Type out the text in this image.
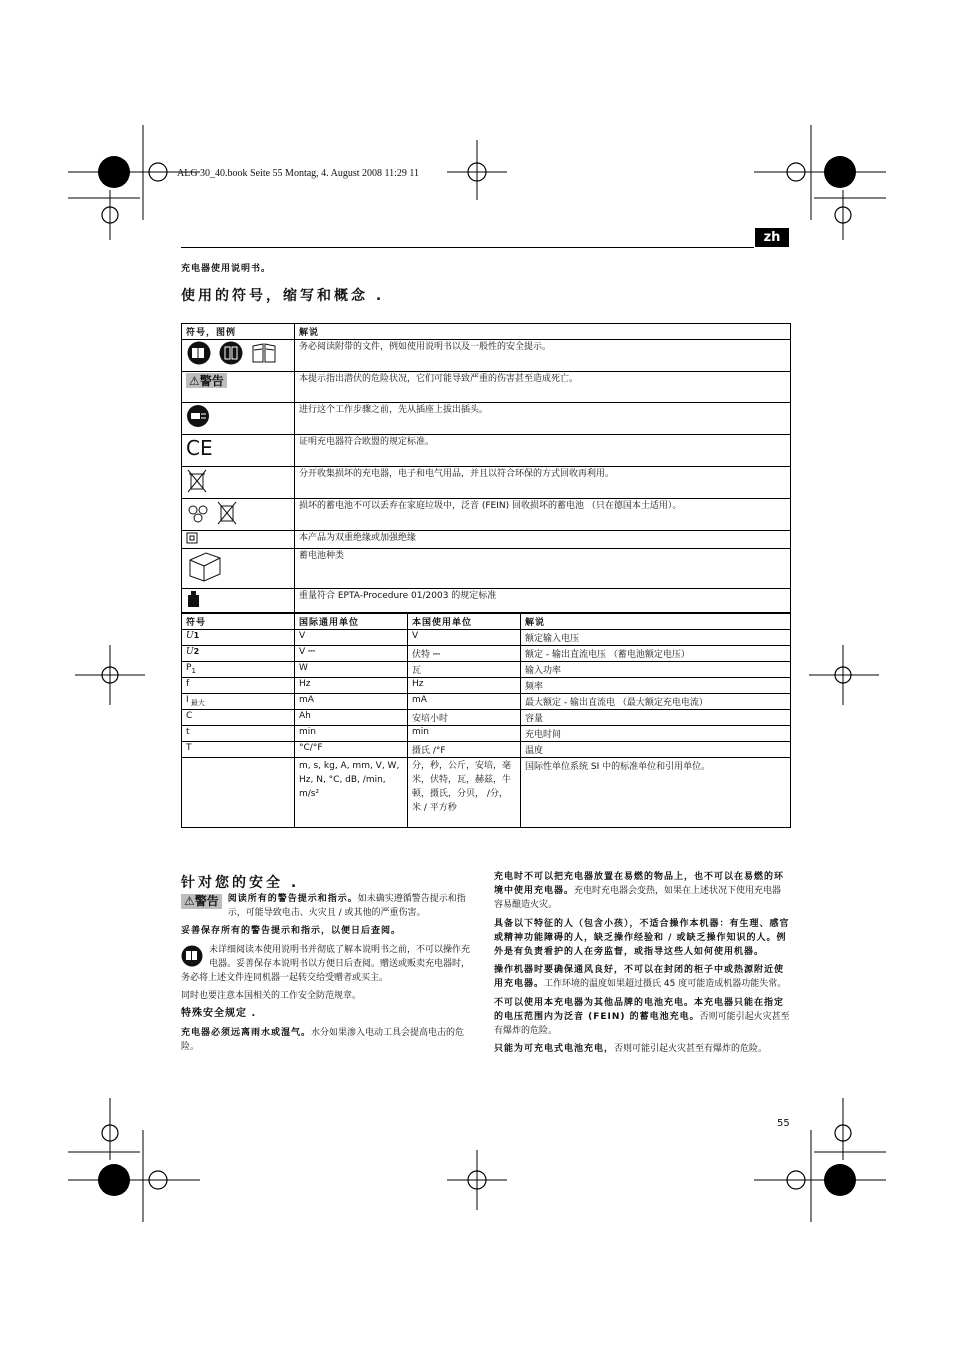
ALG 30_40.book Seite 55 Montag, 4. August 2008 11:29 11
zh
充电器使用说明书。
使用的符号，缩写和概念 .
符号，图例	解说

	务必阅读附带的文件，例如使用说明书以及一般性的安全提示。

⚠ 警告	本提示指出潜伏的危险状况，它们可能导致严重的伤害甚至造成死亡。
	进行这个工作步骤之前，先从插座上拔出插头。
CE	证明充电器符合欧盟的规定标准。
	分开收集损坏的充电器，电子和电气用品，并且以符合环保的方式回收再利用。

	损坏的蓄电池不可以丢弃在家庭垃圾中，泛音 (FEIN) 回收损坏的蓄电池 （只在德国本土适用）。
	本产品为双重绝缘或加强绝缘
	蓄电池种类
	重量符合 EPTA-Procedure 01/2003 的规定标准
符号	国际通用单位	本国使用单位	解说
U1	V	V	额定输入电压
U2	V ⎓	伏特 ⎓	额定 - 输出直流电压 （蓄电池额定电压）
$P_1$	W	瓦	输入功率
f	Hz	Hz	频率
I $_{最大}$	mA	mA	最大额定 - 输出直流电 （最大额定充电电流）
C	Ah	安培小时	容量
t	min	min	充电时间
T	°C/°F	摄氏 /°F	温度
	m, s, kg, A, mm, V, W, Hz, N, °C, dB, /min, m/s²	分，秒，公斤，安培，毫米，伏特，瓦，赫兹，牛顿，摄氏，分贝， /分，米 / 平方秒	国际性单位系统 SI 中的标准单位和引用单位。
针对您的安全 .

⚠ 警告 阅读所有的警告提示和指示。如未确实遵循警告提示和指示，可能导致电击、火灾且 / 或其他的严重伤害。

妥善保存所有的警告提示和指示，以便日后查阅。

未详细阅读本使用说明书并彻底了解本说明书之前，不可以操作充电器。妥善保存本说明书以方便日后查阅。赠送或贩卖充电器时，务必将上述文件连同机器一起转交给受赠者或买主。

同时也要注意本国相关的工作安全防范规章。

特殊安全规定 .

充电器必须远离雨水或湿气。水分如果渗入电动工具会提高电击的危险。

充电时不可以把充电器放置在易燃的物品上，也不可以在易燃的环境中使用充电器。充电时充电器会变热，如果在上述状况下使用充电器容易酿造火灾。

具备以下特征的人（包含小孩），不适合操作本机器：有生理、感官或精神功能障碍的人，缺乏操作经验和 / 或缺乏操作知识的人。例外是有负责看护的人在旁监督，或指导这些人如何使用机器。

操作机器时要确保通风良好，不可以在封闭的柜子中或热源附近使用充电器。工作环境的温度如果超过摄氏 45 度可能造成机器功能失常。

不可以使用本充电器为其他品牌的电池充电。本充电器只能在指定的电压范围内为泛音 (FEIN) 的蓄电池充电。否则可能引起火灾甚至有爆炸的危险。

只能为可充电式电池充电，否则可能引起火灾甚至有爆炸的危险。

55
